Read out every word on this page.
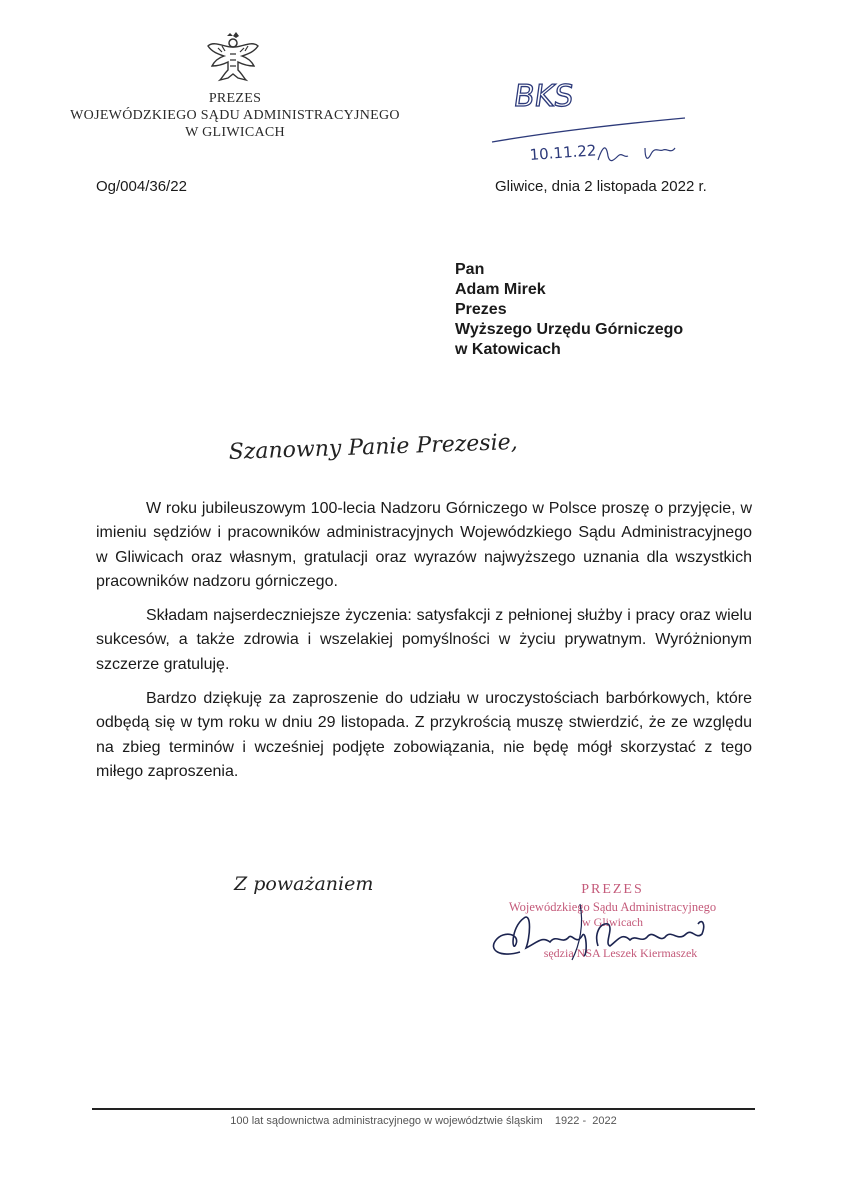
PREZES
WOJEWÓDZKIEGO SĄDU ADMINISTRACYJNEGO
W GLIWICACH
BKS
10.11.22
Og/004/36/22	Gliwice, dnia 2 listopada 2022 r.
Pan
Adam Mirek
Prezes
Wyższego Urzędu Górniczego
w Katowicach
Szanowny Panie Prezesie,

W roku jubileuszowym 100-lecia Nadzoru Górniczego w Polsce proszę o przyjęcie, w imieniu sędziów i pracowników administracyjnych Wojewódzkiego Sądu Administracyjnego w Gliwicach oraz własnym, gratulacji oraz wyrazów najwyższego uznania dla wszystkich pracowników nadzoru górniczego.

Składam najserdeczniejsze życzenia: satysfakcji z pełnionej służby i pracy oraz wielu sukcesów, a także zdrowia i wszelakiej pomyślności w życiu prywatnym. Wyróżnionym szczerze gratuluję.

Bardzo dziękuję za zaproszenie do udziału w uroczystościach barbórkowych, które odbędą się w tym roku w dniu 29 listopada. Z przykrością muszę stwierdzić, że ze względu na zbieg terminów i wcześniej podjęte zobowiązania, nie będę mógł skorzystać z tego miłego zaproszenia.

Z poważaniem	PREZES
Wojewódzkiego Sądu Administracyjnego
w Gliwicach
sędzia NSA Leszek Kiermaszek
100 lat sądownictwa administracyjnego w województwie śląskim    1922 -  2022
